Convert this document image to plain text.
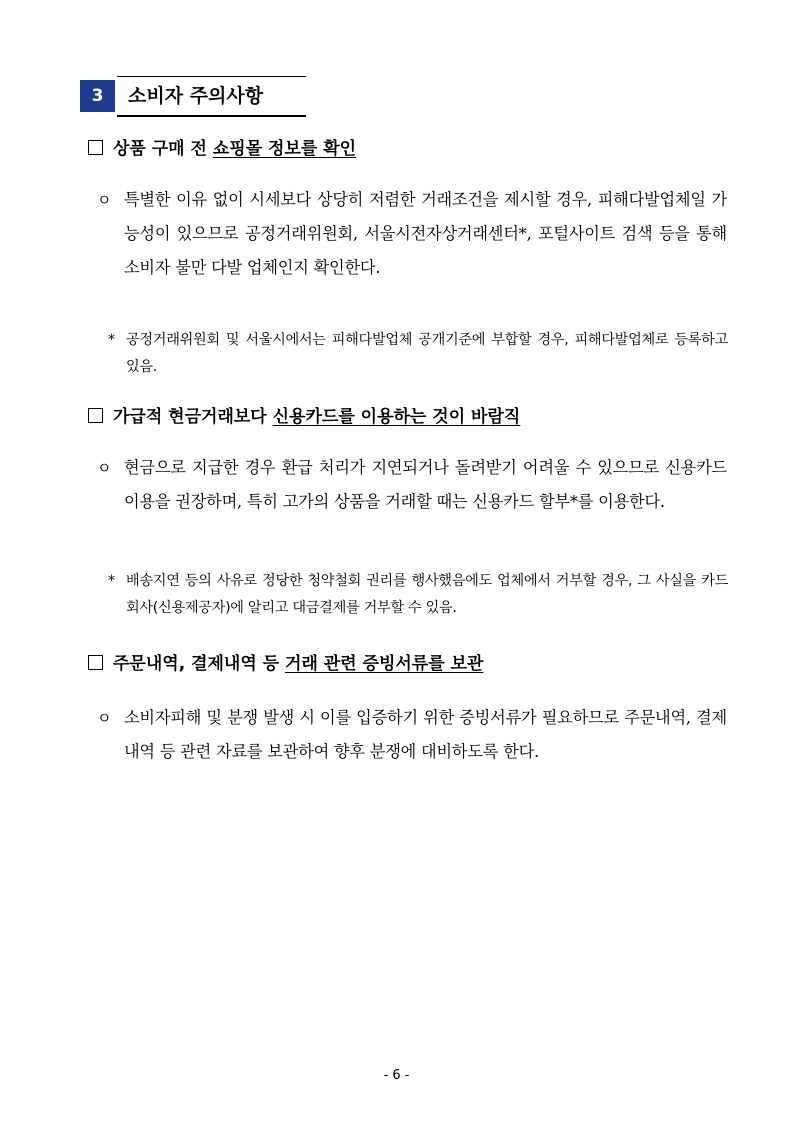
3	소비자 주의사항
상품 구매 전 쇼핑몰 정보를 확인
ㅇ 특별한 이유 없이 시세보다 상당히 저렴한 거래조건을 제시할 경우, 피해다발업체일 가능성이 있으므로 공정거래위원회, 서울시전자상거래센터*, 포털사이트 검색 등을 통해 소비자 불만 다발 업체인지 확인한다.
* 공정거래위원회 및 서울시에서는 피해다발업체 공개기준에 부합할 경우, 피해다발업체로 등록하고 있음.
가급적 현금거래보다 신용카드를 이용하는 것이 바람직
ㅇ 현금으로 지급한 경우 환급 처리가 지연되거나 돌려받기 어려울 수 있으므로 신용카드 이용을 권장하며, 특히 고가의 상품을 거래할 때는 신용카드 할부*를 이용한다.
* 배송지연 등의 사유로 정당한 청약철회 권리를 행사했음에도 업체에서 거부할 경우, 그 사실을 카드회사(신용제공자)에 알리고 대금결제를 거부할 수 있음.
주문내역, 결제내역 등 거래 관련 증빙서류를 보관
ㅇ 소비자피해 및 분쟁 발생 시 이를 입증하기 위한 증빙서류가 필요하므로 주문내역, 결제내역 등 관련 자료를 보관하여 향후 분쟁에 대비하도록 한다.
- 6 -
